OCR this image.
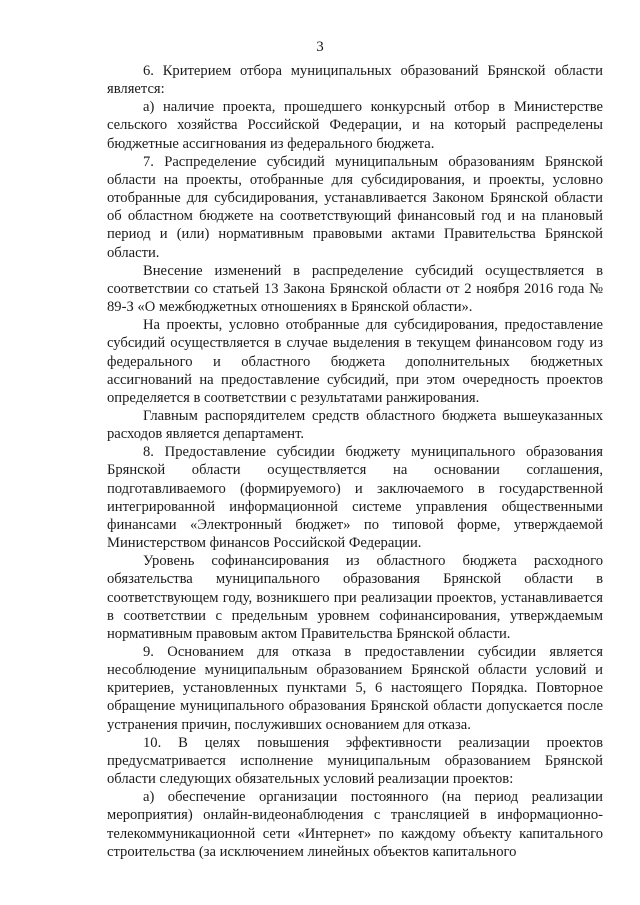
3

6. Критерием отбора муниципальных образований Брянской области является:

а) наличие проекта, прошедшего конкурсный отбор в Министерстве сельского хозяйства Российской Федерации, и на который распределены бюджетные ассигнования из федерального бюджета.

7. Распределение субсидий муниципальным образованиям Брянской области на проекты, отобранные для субсидирования, и проекты, условно отобранные для субсидирования, устанавливается Законом Брянской области об областном бюджете на соответствующий финансовый год и на плановый период и (или) нормативным правовыми актами Правительства Брянской области.

Внесение изменений в распределение субсидий осуществляется в соответствии со статьей 13 Закона Брянской области от 2 ноября 2016 года № 89-З «О межбюджетных отношениях в Брянской области».

На проекты, условно отобранные для субсидирования, предоставление субсидий осуществляется в случае выделения в текущем финансовом году из федерального и областного бюджета дополнительных бюджетных ассигнований на предоставление субсидий, при этом очередность проектов определяется в соответствии с результатами ранжирования.

Главным распорядителем средств областного бюджета вышеуказанных расходов является департамент.

8. Предоставление субсидии бюджету муниципального образования Брянской области осуществляется на основании соглашения, подготавливаемого (формируемого) и заключаемого в государственной интегрированной информационной системе управления общественными финансами «Электронный бюджет» по типовой форме, утверждаемой Министерством финансов Российской Федерации.

Уровень софинансирования из областного бюджета расходного обязательства муниципального образования Брянской области в соответствующем году, возникшего при реализации проектов, устанавливается в соответствии с предельным уровнем софинансирования, утверждаемым нормативным правовым актом Правительства Брянской области.

9. Основанием для отказа в предоставлении субсидии является несоблюдение муниципальным образованием Брянской области условий и критериев, установленных пунктами 5, 6 настоящего Порядка. Повторное обращение муниципального образования Брянской области допускается после устранения причин, послуживших основанием для отказа.

10. В целях повышения эффективности реализации проектов предусматривается исполнение муниципальным образованием Брянской области следующих обязательных условий реализации проектов:

а) обеспечение организации постоянного (на период реализации мероприятия) онлайн-видеонаблюдения с трансляцией в информационно-телекоммуникационной сети «Интернет» по каждому объекту капитального строительства (за исключением линейных объектов капитального
